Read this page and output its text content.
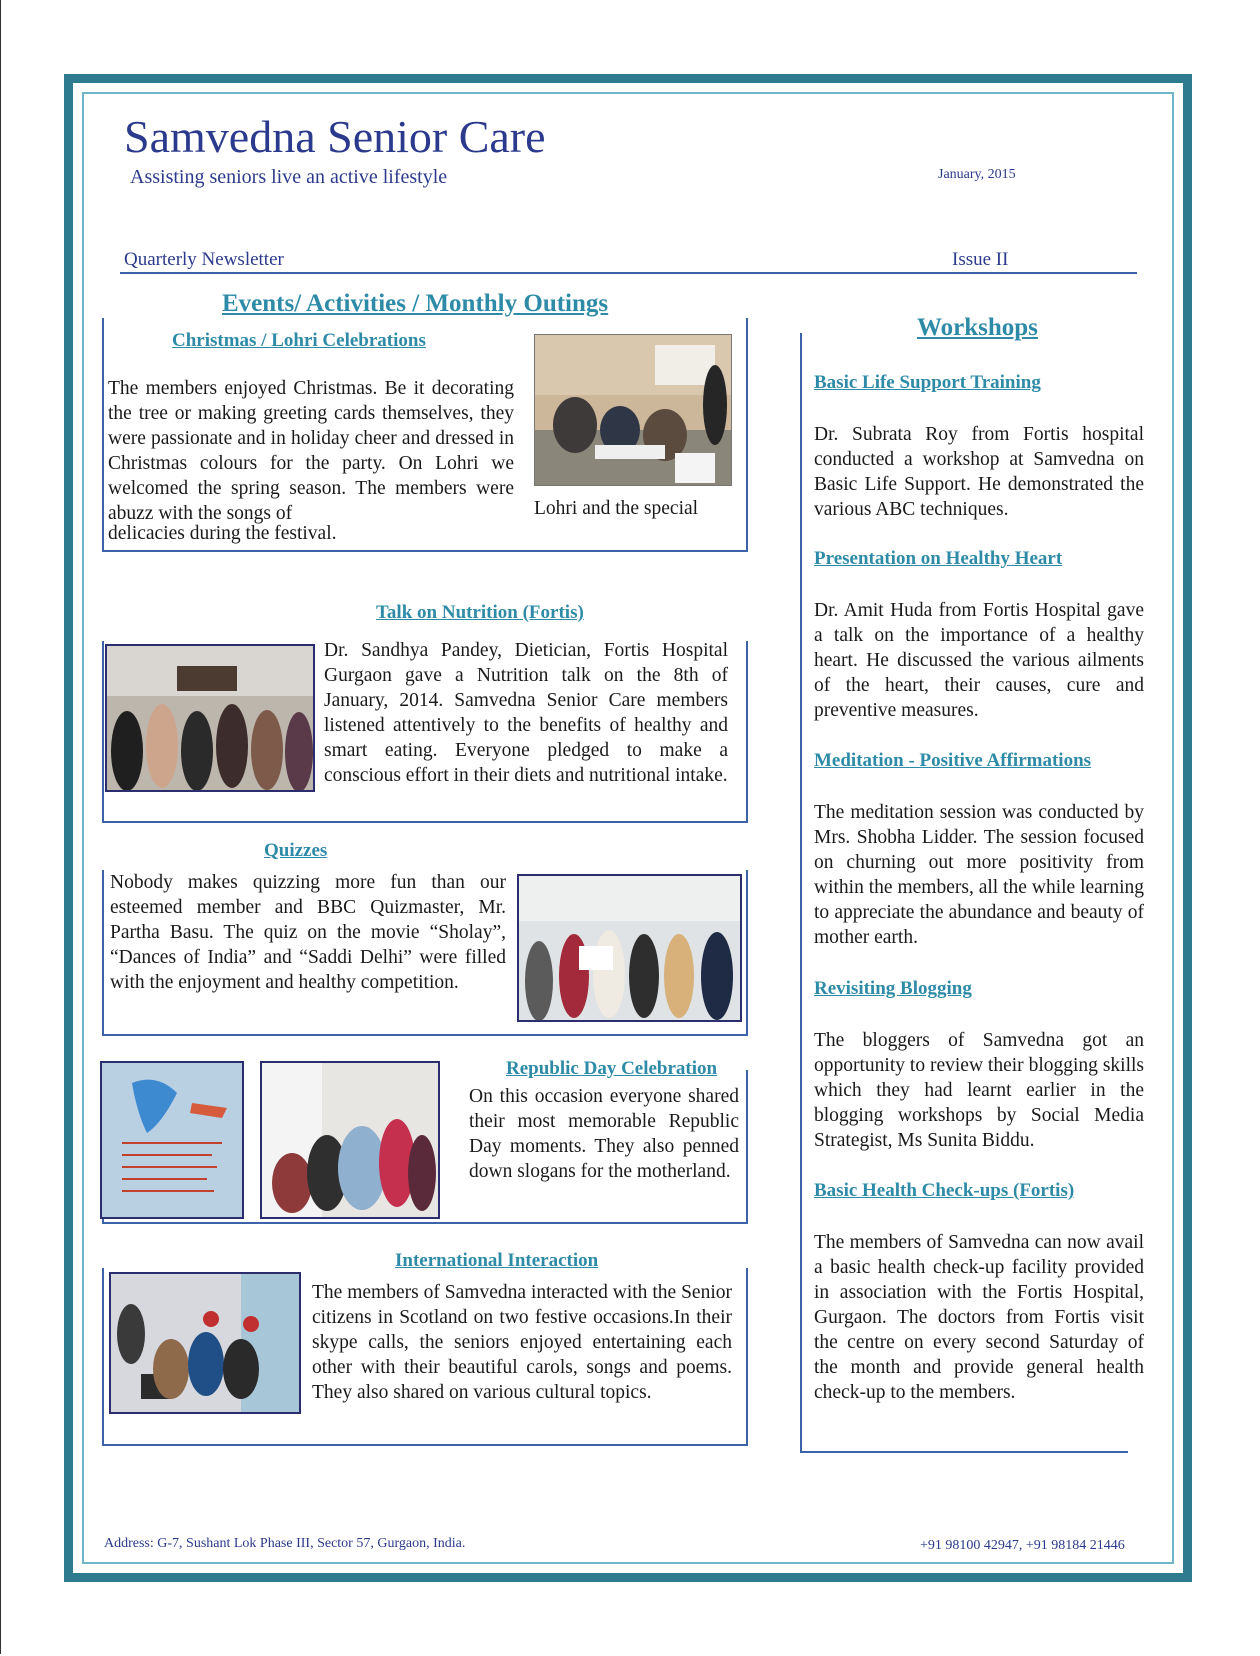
Samvedna Senior Care
Assisting seniors live an active lifestyle	January, 2015
Quarterly Newsletter	Issue II
Events/ Activities / Monthly Outings
Workshops
Christmas / Lohri Celebrations
The members enjoyed Christmas. Be it decorating the tree or making greeting cards themselves, they were passionate and in holiday cheer and dressed in Christmas colours for the party. On Lohri we welcomed the spring season. The members were abuzz with the songs of	Lohri and the special
delicacies during the festival.
Talk on Nutrition (Fortis)
Dr. Sandhya Pandey, Dietician, Fortis Hospital Gurgaon gave a Nutrition talk on the 8th of January, 2014. Samvedna Senior Care members listened attentively to the benefits of healthy and smart eating. Everyone pledged to make a conscious effort in their diets and nutritional intake.
Quizzes
Nobody makes quizzing more fun than our esteemed member and BBC Quizmaster, Mr. Partha Basu. The quiz on the movie “Sholay”, “Dances of India” and “Saddi Delhi” were filled with the enjoyment and healthy competition.
Republic Day Celebration
On this occasion everyone shared their most memorable Republic Day moments. They also penned down slogans for the motherland.
International Interaction
The members of Samvedna interacted with the Senior citizens in Scotland on two festive occasions.In their skype calls, the seniors enjoyed entertaining each other with their beautiful carols, songs and poems. They also shared on various cultural topics.
Basic Life Support Training
Dr. Subrata Roy from Fortis hospital conducted a workshop at Samvedna on Basic Life Support. He demonstrated the various ABC techniques.
Presentation on Healthy Heart
Dr. Amit Huda from Fortis Hospital gave a talk on the importance of a healthy heart. He discussed the various ailments of the heart, their causes, cure and preventive measures.
Meditation - Positive Affirmations
The meditation session was conducted by Mrs. Shobha Lidder. The session focused on churning out more positivity from within the members, all the while learning to appreciate the abundance and beauty of mother earth.
Revisiting Blogging
The bloggers of Samvedna got an opportunity to review their blogging skills which they had learnt earlier in the blogging workshops by Social Media Strategist, Ms Sunita Biddu.
Basic Health Check-ups (Fortis)
The members of Samvedna can now avail a basic health check-up facility provided in association with the Fortis Hospital, Gurgaon. The doctors from Fortis visit the centre on every second Saturday of the month and provide general health check-up to the members.
Address: G-7, Sushant Lok Phase III, Sector 57, Gurgaon, India.	+91 98100 42947, +91 98184 21446
